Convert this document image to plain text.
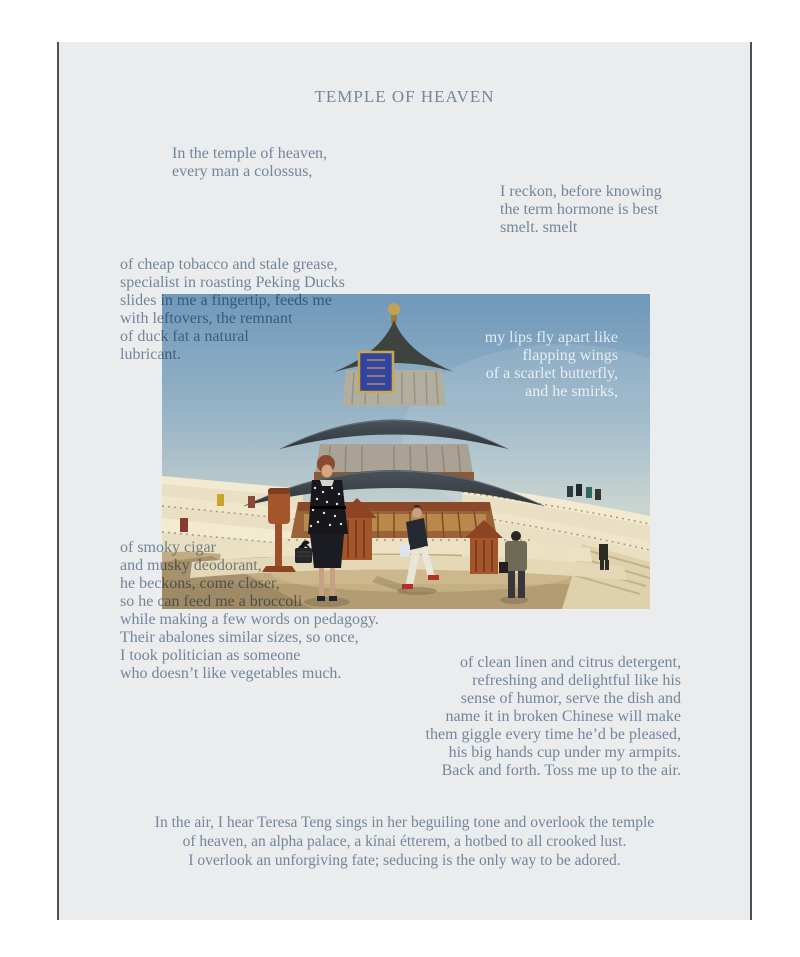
TEMPLE OF HEAVEN
In the temple of heaven,
every man a colossus,
I reckon, before knowing
the term hormone is best
smelt. smelt
of cheap tobacco and stale grease,
specialist in roasting Peking Ducks
slides in me a fingertip, feeds me
with leftovers, the remnant
of duck fat a natural
lubricant.
my lips fly apart like
flapping wings
of a scarlet butterfly,
and he smirks,
of smoky cigar
and musky deodorant,
he beckons, come closer,
so he can feed me a broccoli
while making a few words on pedagogy.
Their abalones similar sizes, so once,
I took politician as someone
who doesn’t like vegetables much.
of clean linen and citrus detergent,
refreshing and delightful like his
sense of humor, serve the dish and
name it in broken Chinese will make
them giggle every time he’d be pleased,
his big hands cup under my armpits.
Back and forth. Toss me up to the air.
In the air, I hear Teresa Teng sings in her beguiling tone and overlook the temple
of heaven, an alpha palace, a kínai étterem, a hotbed to all crooked lust.
I overlook an unforgiving fate; seducing is the only way to be adored.
